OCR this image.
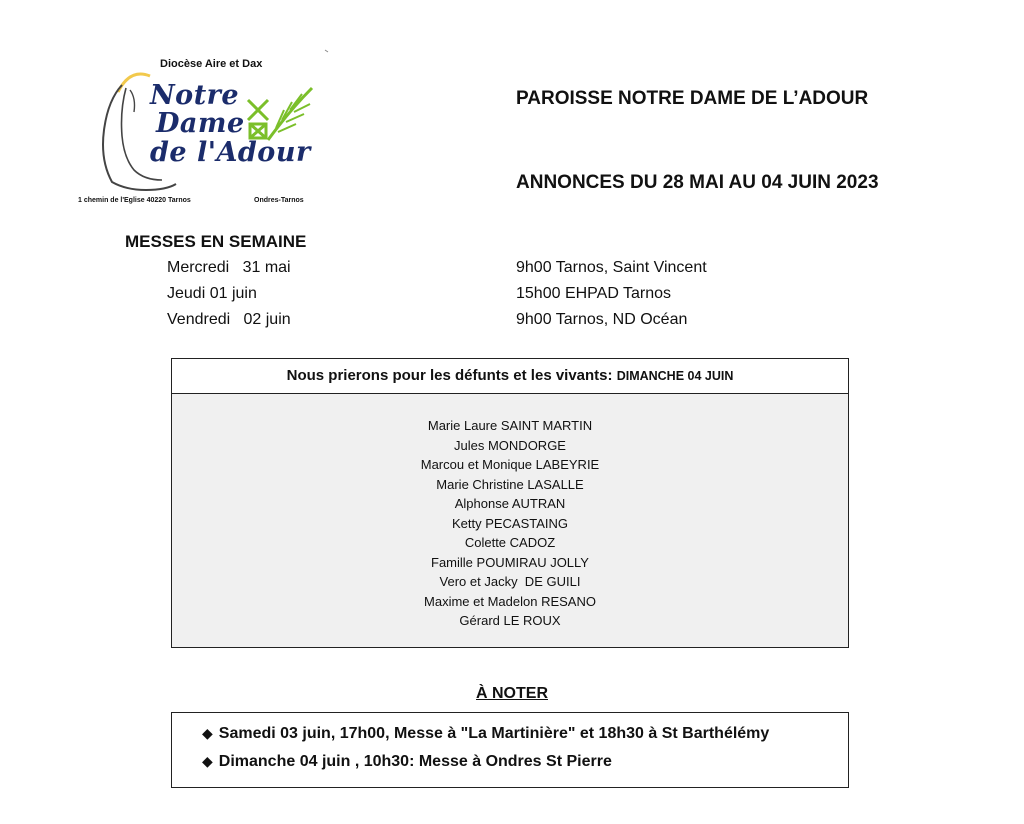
Diocèse Aire et Dax
Notre
Dame
de l'Adour
1 chemin de l'Eglise 40220 Tarnos	Ondres-Tarnos
PAROISSE NOTRE DAME DE L’ADOUR
ANNONCES DU 28 MAI AU 04 JUIN 2023
MESSES EN SEMAINE
Mercredi   31 mai	9h00 Tarnos, Saint Vincent
Jeudi 01 juin	15h00 EHPAD Tarnos
Vendredi   02 juin	9h00 Tarnos, ND Océan
Nous prierons pour les défunts et les vivants: DIMANCHE 04 JUIN
Marie Laure SAINT MARTIN
Jules MONDORGE
Marcou et Monique LABEYRIE
Marie Christine LASALLE
Alphonse AUTRAN
Ketty PECASTAING
Colette CADOZ
Famille POUMIRAU JOLLY
Vero et Jacky  DE GUILI
Maxime et Madelon RESANO
Gérard LE ROUX
À NOTER
◆ Samedi 03 juin, 17h00, Messe à "La Martinière" et 18h30 à St Barthélémy
◆ Dimanche 04 juin , 10h30: Messe à Ondres St Pierre
